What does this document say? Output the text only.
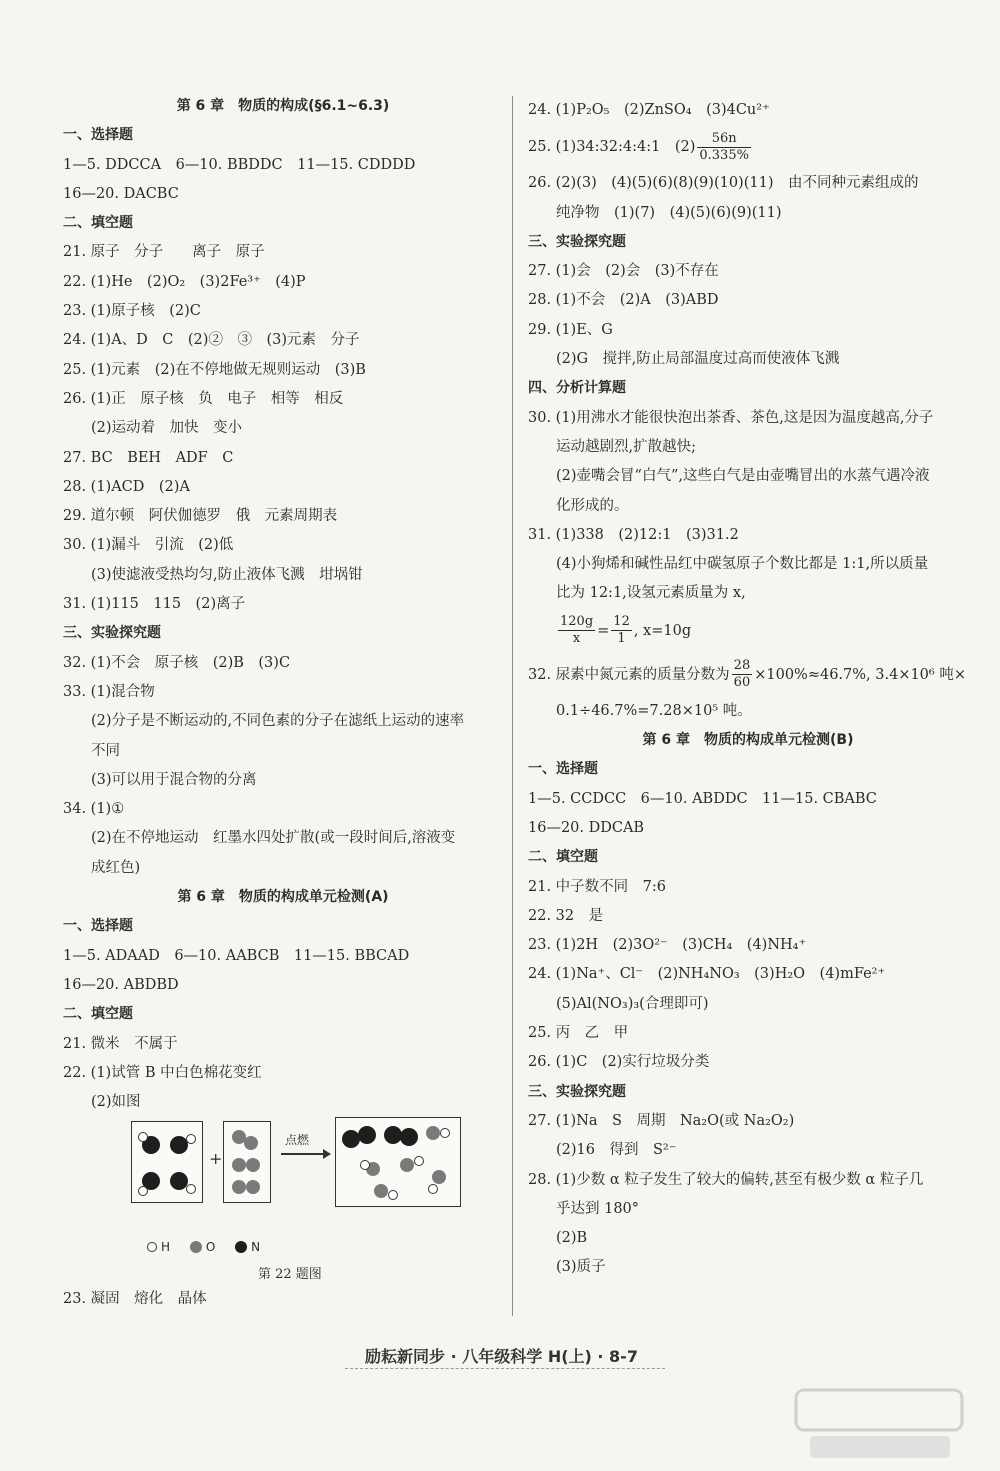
第 6 章　物质的构成(§6.1~6.3)
一、选择题
1—5. DDCCA　6—10. BBDDC　11—15. CDDDD
16—20. DACBC
二、填空题
21. 原子　分子　　离子　原子
22. (1)He　(2)O₂　(3)2Fe³⁺　(4)P
23. (1)原子核　(2)C
24. (1)A、D　C　(2)②　③　(3)元素　分子
25. (1)元素　(2)在不停地做无规则运动　(3)B
26. (1)正　原子核　负　电子　相等　相反
(2)运动着　加快　变小
27. BC　BEH　ADF　C
28. (1)ACD　(2)A
29. 道尔顿　阿伏伽德罗　俄　元素周期表
30. (1)漏斗　引流　(2)低
(3)使滤液受热均匀,防止液体飞溅　坩埚钳
31. (1)115　115　(2)离子
三、实验探究题
32. (1)不会　原子核　(2)B　(3)C
33. (1)混合物
(2)分子是不断运动的,不同色素的分子在滤纸上运动的速率
不同
(3)可以用于混合物的分离
34. (1)①
(2)在不停地运动　红墨水四处扩散(或一段时间后,溶液变
成红色)
第 6 章　物质的构成单元检测(A)
一、选择题
1—5. ADAAD　6—10. AABCB　11—15. BBCAD
16—20. ABDBD
二、填空题
21. 微米　不属于
22. (1)试管 B 中白色棉花变红
(2)如图
+
点燃
H	O	N
第 22 题图
23. 凝固　熔化　晶体
24. (1)P₂O₅　(2)ZnSO₄　(3)4Cu²⁺
25. (1)34:32:4:4:1　$(2) \frac{56n}{0.335\%}$
26. (2)(3)　(4)(5)(6)(8)(9)(10)(11)　由不同种元素组成的
纯净物　(1)(7)　(4)(5)(6)(9)(11)
三、实验探究题
27. (1)会　(2)会　(3)不存在
28. (1)不会　(2)A　(3)ABD
29. (1)E、G
(2)G　搅拌,防止局部温度过高而使液体飞溅
四、分析计算题
30. (1)用沸水才能很快泡出茶香、茶色,这是因为温度越高,分子
运动越剧烈,扩散越快;
(2)壶嘴会冒“白气”,这些白气是由壶嘴冒出的水蒸气遇冷液
化形成的。
31. (1)338　(2)12:1　(3)31.2
(4)小狗烯和碱性品红中碳氢原子个数比都是 1:1,所以质量
比为 12:1,设氢元素质量为 x,
$\frac{120g}{x} = \frac{12}{1}$ , x=10g
32. 尿素中氮元素的质量分数为 $\frac{28}{60} \times 100\%\approx 46.7\%$, 3.4×10⁶ 吨×
0.1÷46.7%=7.28×10⁵ 吨。
第 6 章　物质的构成单元检测(B)
一、选择题
1—5. CCDCC　6—10. ABDDC　11—15. CBABC
16—20. DDCAB
二、填空题
21. 中子数不同　7:6
22. 32　是
23. (1)2H　(2)3O²⁻　(3)CH₄　(4)NH₄⁺
24. (1)Na⁺、Cl⁻　(2)NH₄NO₃　(3)H₂O　(4)mFe²⁺
(5)Al(NO₃)₃(合理即可)
25. 丙　乙　甲
26. (1)C　(2)实行垃圾分类
三、实验探究题
27. (1)Na　S　周期　Na₂O(或 Na₂O₂)
(2)16　得到　S²⁻
28. (1)少数 α 粒子发生了较大的偏转,甚至有极少数 α 粒子几
乎达到 180°
(2)B
(3)质子
励耘新同步 · 八年级科学 H(上) · 8-7
